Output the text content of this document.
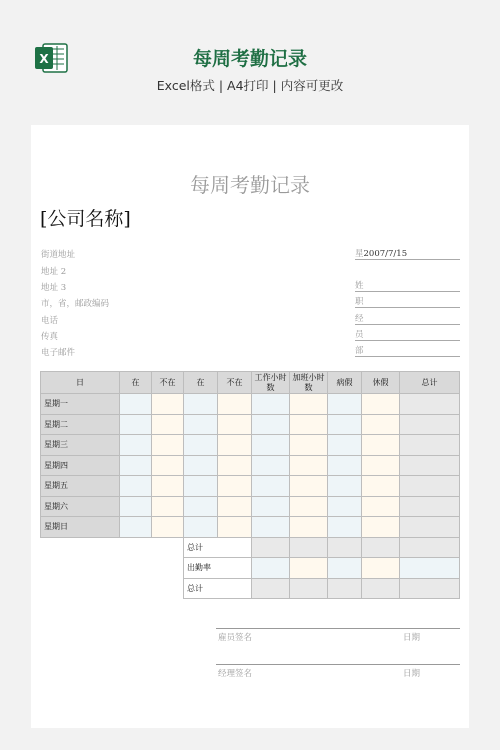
X	每周考勤记录
Excel格式 | A4打印 | 内容可更改
每周考勤记录
[公司名称]
街道地址
地址 2
地址 3
市，省，邮政编码
电话
传真
电子邮件
星2007/7/15
姓
职
经
员
部
日	在	不在	在	不在	工作小时数	加班小时数	病假	休假	总计
星期一									
星期二									
星期三									
星期四									
星期五									
星期六									
星期日									
			总计						
			出勤率						
			总计						
雇员签名	日期
经理签名	日期
